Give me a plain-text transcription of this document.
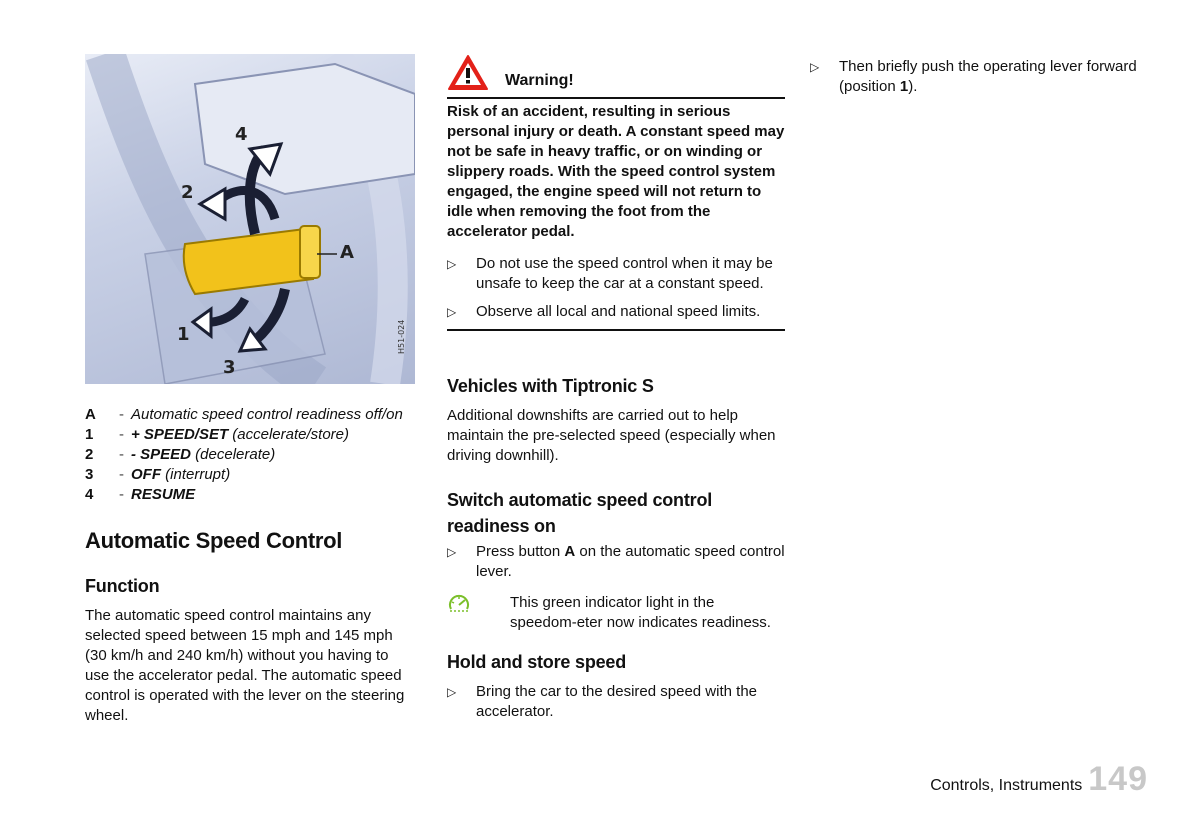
4
2
A
1
3
H51-024
A	- Automatic speed control readiness off/on
1	- + SPEED/SET (accelerate/store)
2	- - SPEED (decelerate)
3	- OFF (interrupt)
4	- RESUME
Automatic Speed Control
Function

The automatic speed control maintains any selected speed between 15 mph and 145 mph (30 km/h and 240 km/h) without you having to use the accelerator pedal. The automatic speed control is operated with the lever on the steering wheel.

Warning!

Risk of an accident, resulting in serious personal injury or death. A constant speed may not be safe in heavy traffic, or on winding or slippery roads. With the speed control system engaged, the engine speed will not return to idle when removing the foot from the accelerator pedal.

▷	Do not use the speed control when it may be unsafe to keep the car at a constant speed.
▷	Observe all local and national speed limits.
Vehicles with Tiptronic S

Additional downshifts are carried out to help maintain the pre-selected speed (especially when driving downhill).

Switch automatic speed control readiness on
▷	Press button A on the automatic speed control lever.
This green indicator light in the speedom-eter now indicates readiness.
Hold and store speed
▷	Bring the car to the desired speed with the accelerator.
▷	Then briefly push the operating lever forward (position 1).
Controls, Instruments 149
